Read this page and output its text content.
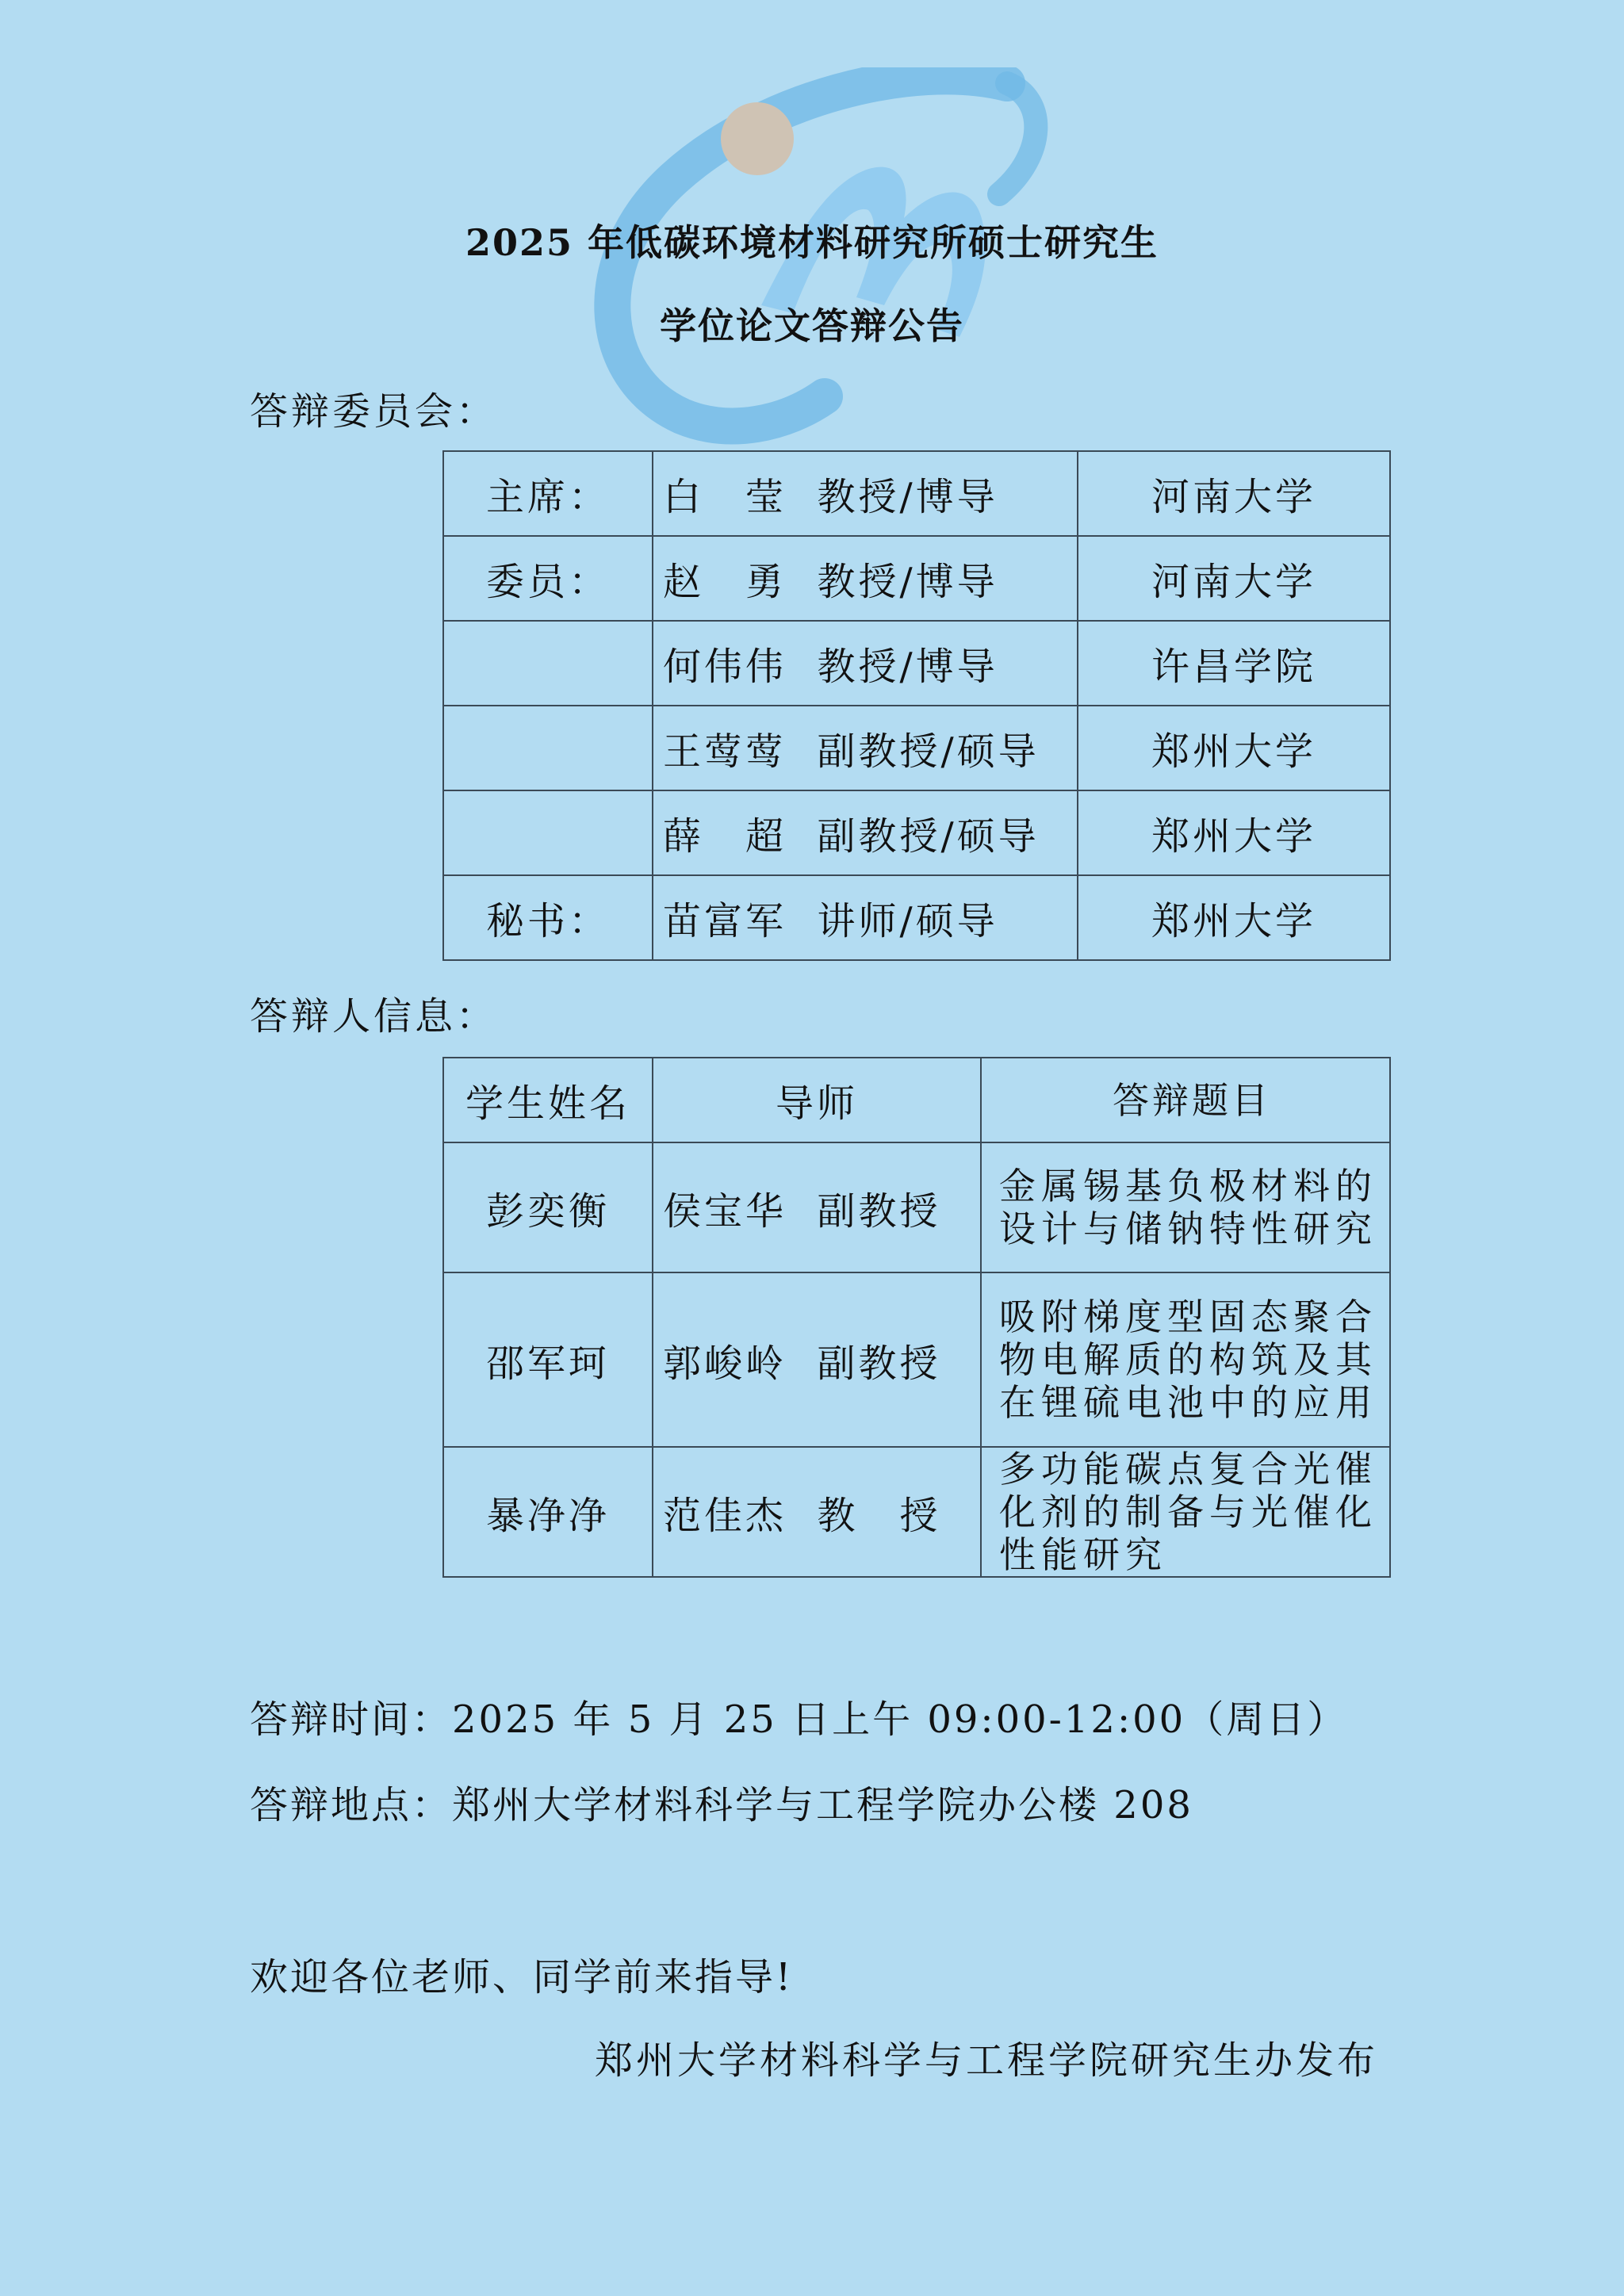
2025 年低碳环境材料研究所硕士研究生
学位论文答辩公告
答辩委员会：
主席：	白　莹  教授/博导	河南大学
委员：	赵　勇  教授/博导	河南大学
	何伟伟  教授/博导	许昌学院
	王莺莺  副教授/硕导	郑州大学
	薛　超  副教授/硕导	郑州大学
秘书：	苗富军  讲师/硕导	郑州大学
答辩人信息：
学生姓名	导师	答辩题目
彭奕衡	侯宝华  副教授	金属锡基负极材料的设计与储钠特性研究
邵军珂	郭峻岭  副教授	吸附梯度型固态聚合物电解质的构筑及其在锂硫电池中的应用
暴净净	范佳杰  教　授	多功能碳点复合光催化剂的制备与光催化性能研究
答辩时间：2025 年 5 月 25 日上午 09:00-12:00（周日）
答辩地点：郑州大学材料科学与工程学院办公楼 208
欢迎各位老师、同学前来指导!
郑州大学材料科学与工程学院研究生办发布
